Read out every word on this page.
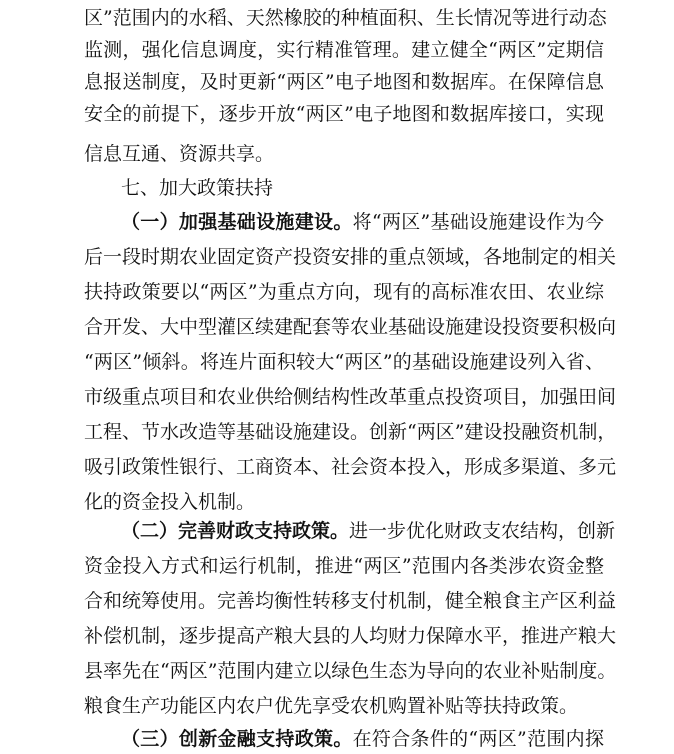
区”范围内的水稻、天然橡胶的种植面积、生长情况等进行动态
监测，强化信息调度，实行精准管理。建立健全“两区”定期信
息报送制度，及时更新“两区”电子地图和数据库。在保障信息
安全的前提下，逐步开放“两区”电子地图和数据库接口，实现
信息互通、资源共享。
七、加大政策扶持
（一）加强基础设施建设。将“两区”基础设施建设作为今
后一段时期农业固定资产投资安排的重点领域，各地制定的相关
扶持政策要以“两区”为重点方向，现有的高标准农田、农业综
合开发、大中型灌区续建配套等农业基础设施建设投资要积极向
“两区”倾斜。将连片面积较大“两区”的基础设施建设列入省、
市级重点项目和农业供给侧结构性改革重点投资项目，加强田间
工程、节水改造等基础设施建设。创新“两区”建设投融资机制，
吸引政策性银行、工商资本、社会资本投入，形成多渠道、多元
化的资金投入机制。
（二）完善财政支持政策。进一步优化财政支农结构，创新
资金投入方式和运行机制，推进“两区”范围内各类涉农资金整
合和统筹使用。完善均衡性转移支付机制，健全粮食主产区利益
补偿机制，逐步提高产粮大县的人均财力保障水平，推进产粮大
县率先在“两区”范围内建立以绿色生态为导向的农业补贴制度。
粮食生产功能区内农户优先享受农机购置补贴等扶持政策。
（三）创新金融支持政策。在符合条件的“两区”范围内探
